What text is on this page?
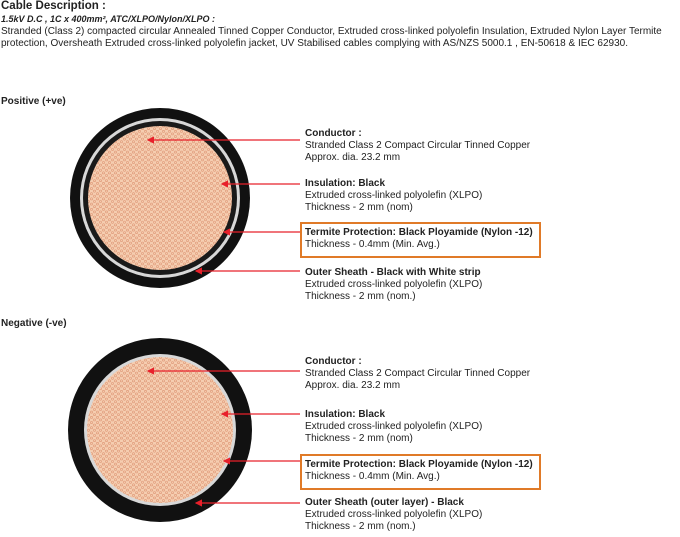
Cable Description :
1.5kV D.C , 1C x 400mm², ATC/XLPO/Nylon/XLPO :
Stranded (Class 2) compacted circular Annealed Tinned Copper Conductor, Extruded cross-linked polyolefin Insulation, Extruded Nylon Layer Termite protection, Oversheath Extruded cross-linked polyolefin jacket, UV Stabilised cables complying with AS/NZS 5000.1 , EN-50618 & IEC 62930.
Positive (+ve)
Negative (-ve)
Conductor :
Stranded Class 2 Compact Circular Tinned Copper
Approx. dia. 23.2 mm
Insulation: Black
Extruded cross-linked polyolefin (XLPO)
Thickness - 2 mm (nom)
Termite Protection: Black Ployamide (Nylon -12)
Thickness - 0.4mm (Min. Avg.)
Outer Sheath - Black with White strip
Extruded cross-linked polyolefin (XLPO)
Thickness - 2 mm (nom.)
Conductor :
Stranded Class 2 Compact Circular Tinned Copper
Approx. dia. 23.2 mm
Insulation: Black
Extruded cross-linked polyolefin (XLPO)
Thickness - 2 mm (nom)
Termite Protection: Black Ployamide (Nylon -12)
Thickness - 0.4mm (Min. Avg.)
Outer Sheath (outer layer) - Black
Extruded cross-linked polyolefin (XLPO)
Thickness - 2 mm (nom.)
